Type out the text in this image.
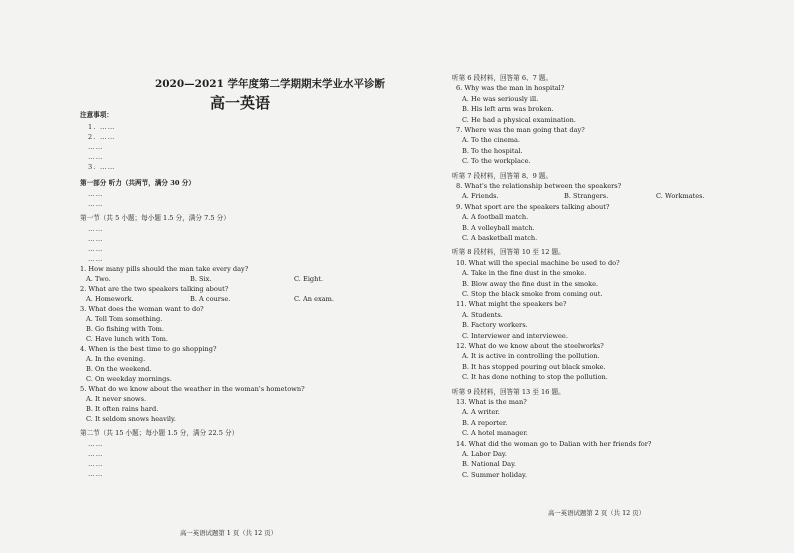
2020—2021 学年度第二学期期末学业水平诊断
高一英语
注意事项：
1. ……
2. ……
……
……
3. ……
第一部分 听力（共两节，满分 30 分）
……
……
第一节（共 5 小题；每小题 1.5 分，满分 7.5 分）
……
……
……
……
1. How many pills should the man take every day?
A. Two.	B. Six.	C. Eight.
2. What are the two speakers talking about?
A. Homework.	B. A course.	C. An exam.
3. What does the woman want to do?
A. Tell Tom something.
B. Go fishing with Tom.
C. Have lunch with Tom.
4. When is the best time to go shopping?
A. In the evening.
B. On the weekend.
C. On weekday mornings.
5. What do we know about the weather in the woman's hometown?
A. It never snows.
B. It often rains hard.
C. It seldom snows heavily.
第二节（共 15 小题；每小题 1.5 分，满分 22.5 分）
……
……
……
……
高一英语试题第 1 页（共 12 页）
听第 6 段材料，回答第 6、7 题。
6. Why was the man in hospital?
A. He was seriously ill.
B. His left arm was broken.
C. He had a physical examination.
7. Where was the man going that day?
A. To the cinema.
B. To the hospital.
C. To the workplace.
听第 7 段材料，回答第 8、9 题。
8. What's the relationship between the speakers?
A. Friends.	B. Strangers.	C. Workmates.
9. What sport are the speakers talking about?
A. A football match.
B. A volleyball match.
C. A basketball match.
听第 8 段材料，回答第 10 至 12 题。
10. What will the special machine be used to do?
A. Take in the fine dust in the smoke.
B. Blow away the fine dust in the smoke.
C. Stop the black smoke from coming out.
11. What might the speakers be?
A. Students.
B. Factory workers.
C. Interviewer and interviewee.
12. What do we know about the steelworks?
A. It is active in controlling the pollution.
B. It has stopped pouring out black smoke.
C. It has done nothing to stop the pollution.
听第 9 段材料，回答第 13 至 16 题。
13. What is the man?
A. A writer.
B. A reporter.
C. A hotel manager.
14. What did the woman go to Dalian with her friends for?
A. Labor Day.
B. National Day.
C. Summer holiday.
高一英语试题第 2 页（共 12 页）
